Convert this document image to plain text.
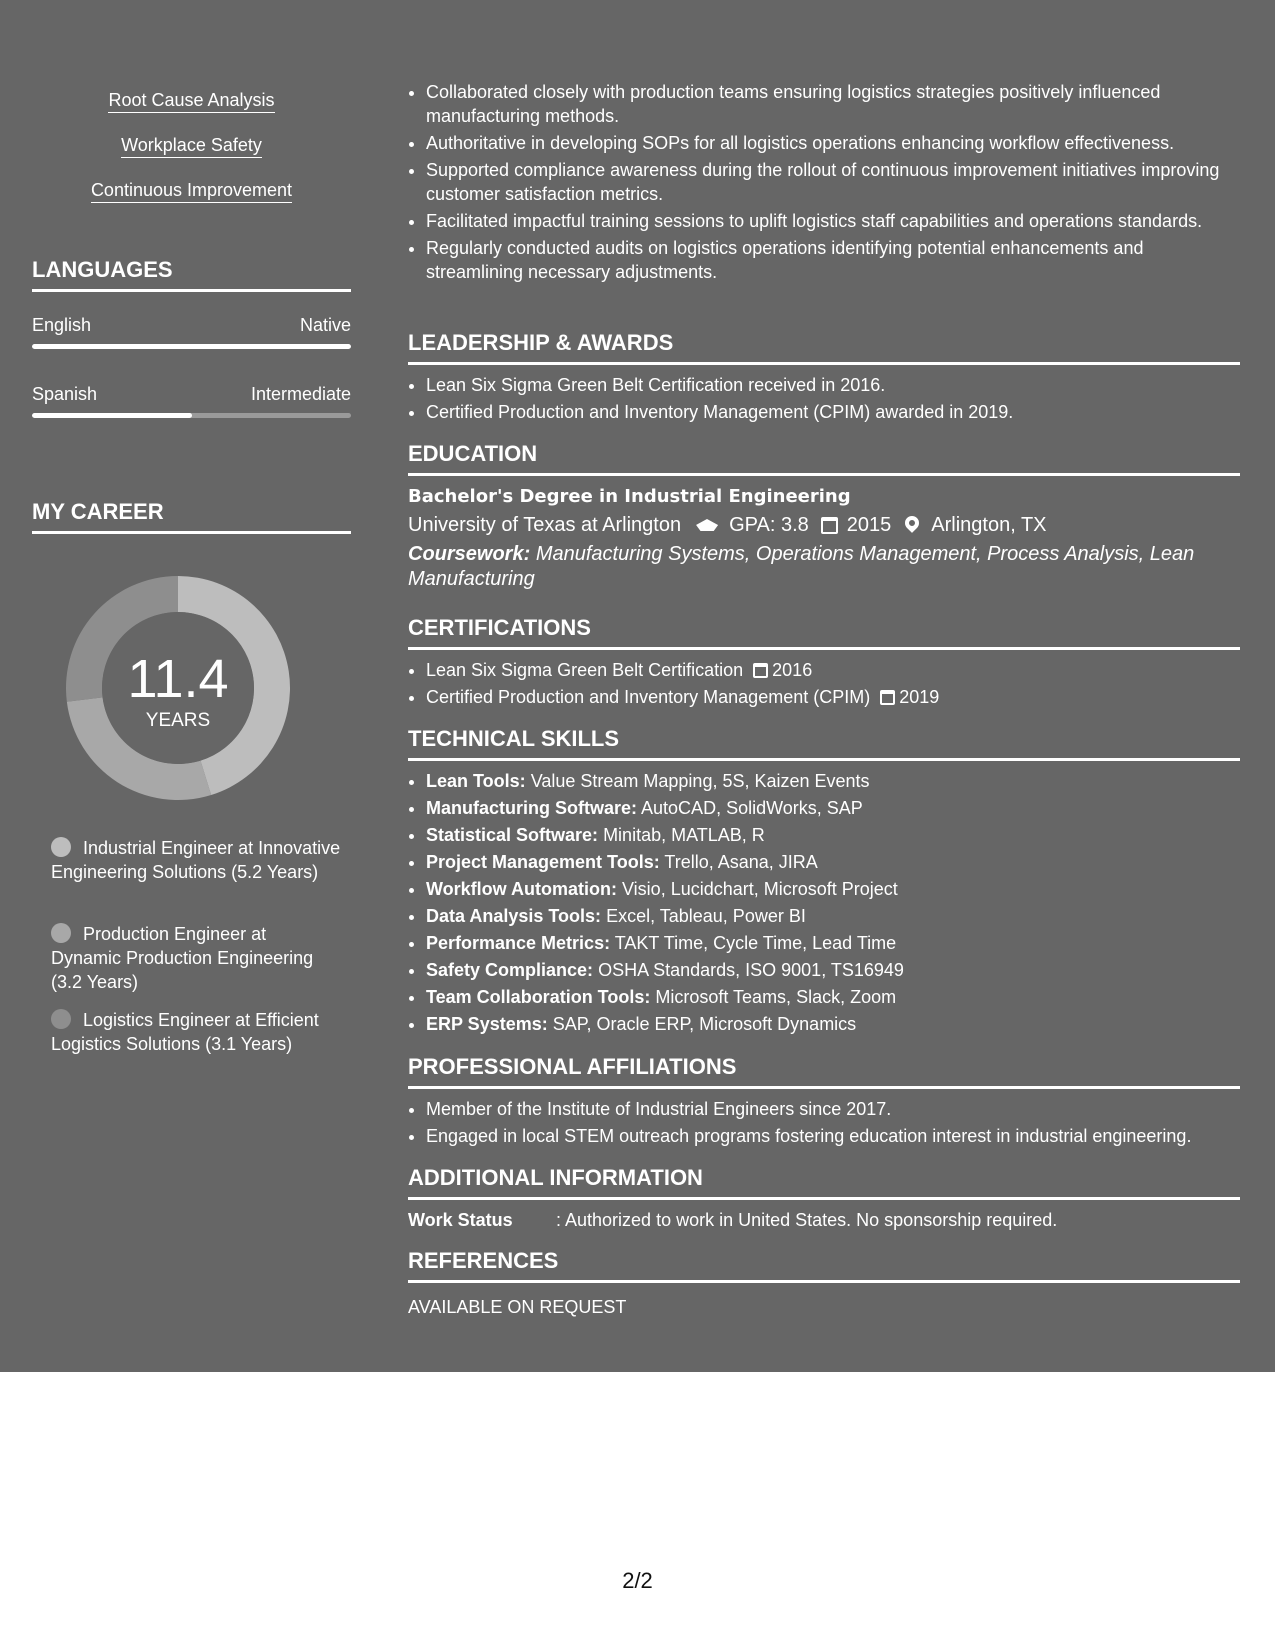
Root Cause Analysis
Workplace Safety
Continuous Improvement
LANGUAGES
English	Native
Spanish	Intermediate
MY CAREER
11.4
YEARS
Industrial Engineer at Innovative Engineering Solutions (5.2 Years)
Production Engineer at Dynamic Production Engineering (3.2 Years)
Logistics Engineer at Efficient Logistics Solutions (3.1 Years)
• Collaborated closely with production teams ensuring logistics strategies positively influenced manufacturing methods.
• Authoritative in developing SOPs for all logistics operations enhancing workflow effectiveness.
• Supported compliance awareness during the rollout of continuous improvement initiatives improving customer satisfaction metrics.
• Facilitated impactful training sessions to uplift logistics staff capabilities and operations standards.
• Regularly conducted audits on logistics operations identifying potential enhancements and streamlining necessary adjustments.
LEADERSHIP & AWARDS
• Lean Six Sigma Green Belt Certification received in 2016.
• Certified Production and Inventory Management (CPIM) awarded in 2019.
EDUCATION
Bachelor's Degree in Industrial Engineering
University of Texas at Arlington GPA: 3.8 2015 Arlington, TX
Coursework: Manufacturing Systems, Operations Management, Process Analysis, Lean Manufacturing
CERTIFICATIONS
• Lean Six Sigma Green Belt Certification 2016
• Certified Production and Inventory Management (CPIM) 2019
TECHNICAL SKILLS
• Lean Tools: Value Stream Mapping, 5S, Kaizen Events
• Manufacturing Software: AutoCAD, SolidWorks, SAP
• Statistical Software: Minitab, MATLAB, R
• Project Management Tools: Trello, Asana, JIRA
• Workflow Automation: Visio, Lucidchart, Microsoft Project
• Data Analysis Tools: Excel, Tableau, Power BI
• Performance Metrics: TAKT Time, Cycle Time, Lead Time
• Safety Compliance: OSHA Standards, ISO 9001, TS16949
• Team Collaboration Tools: Microsoft Teams, Slack, Zoom
• ERP Systems: SAP, Oracle ERP, Microsoft Dynamics
PROFESSIONAL AFFILIATIONS
• Member of the Institute of Industrial Engineers since 2017.
• Engaged in local STEM outreach programs fostering education interest in industrial engineering.
ADDITIONAL INFORMATION
Work Status	: Authorized to work in United States. No sponsorship required.
REFERENCES
AVAILABLE ON REQUEST
2/2
